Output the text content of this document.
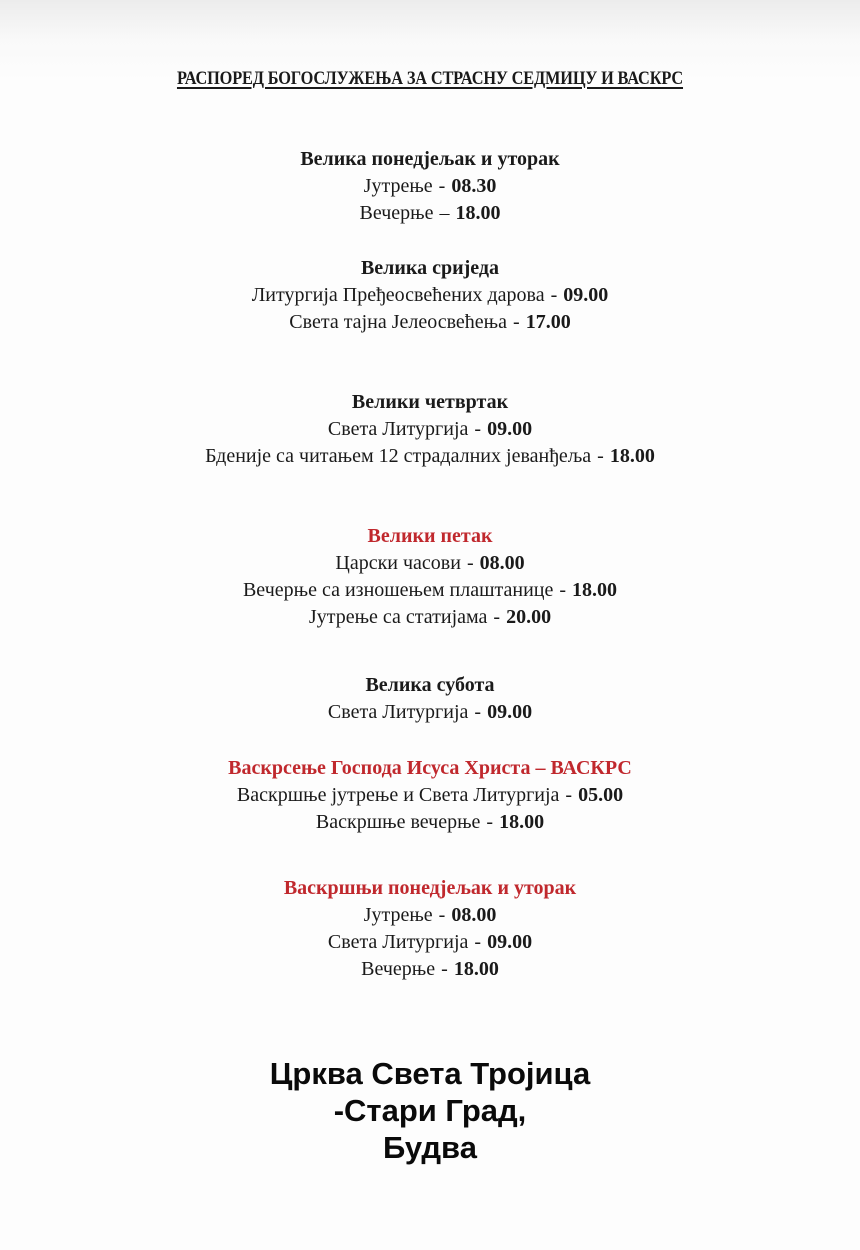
РАСПОРЕД БОГОСЛУЖЕЊА ЗА СТРАСНУ СЕДМИЦУ И ВАСКРС
Велика понедјељак и уторак
Јутрење - 08.30
Вечерње – 18.00
Велика сриједа
Литургија Пређеосвећених дарова - 09.00
Света тајна Јелеосвећења - 17.00
Велики четвртак
Света Литургија - 09.00
Бденије са читањем 12 страдалних јеванђеља - 18.00
Велики петак
Царски часови - 08.00
Вечерње са изношењем плаштанице - 18.00
Јутрење са статијама - 20.00
Велика субота
Света Литургија - 09.00
Васкрсење Господа Исуса Христа – ВАСКРС
Васкршње јутрење и Света Литургија - 05.00
Васкршње вечерње - 18.00
Васкршњи понедјељак и уторак
Јутрење - 08.00
Света Литургија - 09.00
Вечерње - 18.00
Црква Света Тројица
-Стари Град,
Будва
